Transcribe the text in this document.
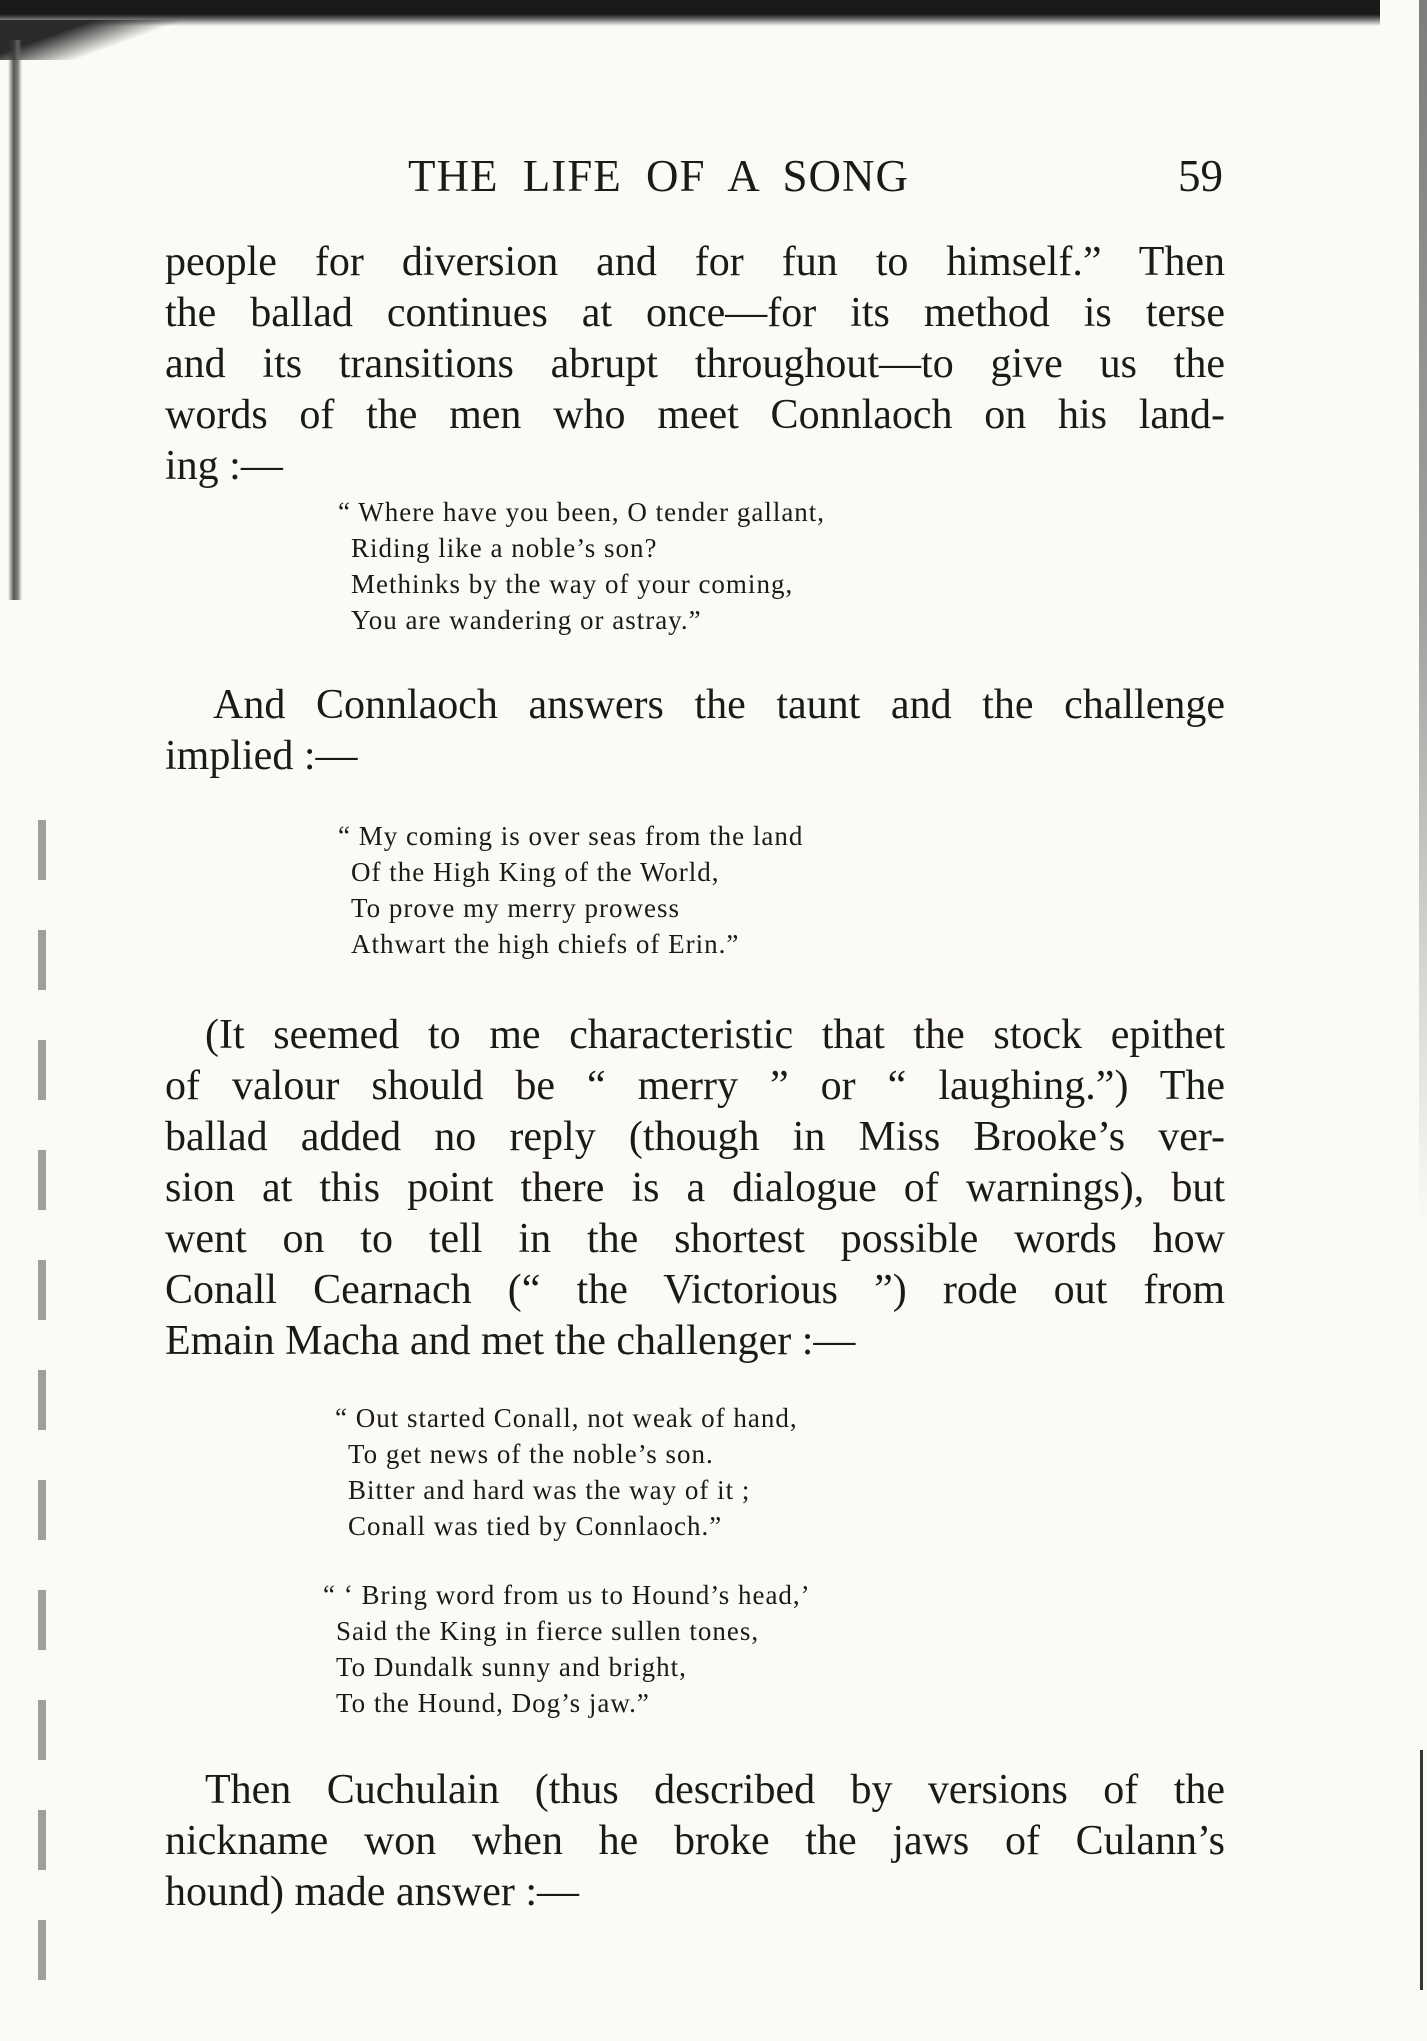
THE LIFE OF A SONG	59
people for diversion and for fun to himself.” Then
the ballad continues at once—for its method is terse
and its transitions abrupt throughout—to give us the
words of the men who meet Connlaoch on his land-
ing :—
“ Where have you been, O tender gallant,
Riding like a noble’s son?
Methinks by the way of your coming,
You are wandering or astray.”
And Connlaoch answers the taunt and the challenge
implied :—
“ My coming is over seas from the land
Of the High King of the World,
To prove my merry prowess
Athwart the high chiefs of Erin.”
(It seemed to me characteristic that the stock epithet
of valour should be “ merry ” or “ laughing.”) The
ballad added no reply (though in Miss Brooke’s ver-
sion at this point there is a dialogue of warnings), but
went on to tell in the shortest possible words how
Conall Cearnach (“ the Victorious ”) rode out from
Emain Macha and met the challenger :—
“ Out started Conall, not weak of hand,
To get news of the noble’s son.
Bitter and hard was the way of it ;
Conall was tied by Connlaoch.”
“ ‘ Bring word from us to Hound’s head,’
Said the King in fierce sullen tones,
To Dundalk sunny and bright,
To the Hound, Dog’s jaw.”
Then Cuchulain (thus described by versions of the
nickname won when he broke the jaws of Culann’s
hound) made answer :—
